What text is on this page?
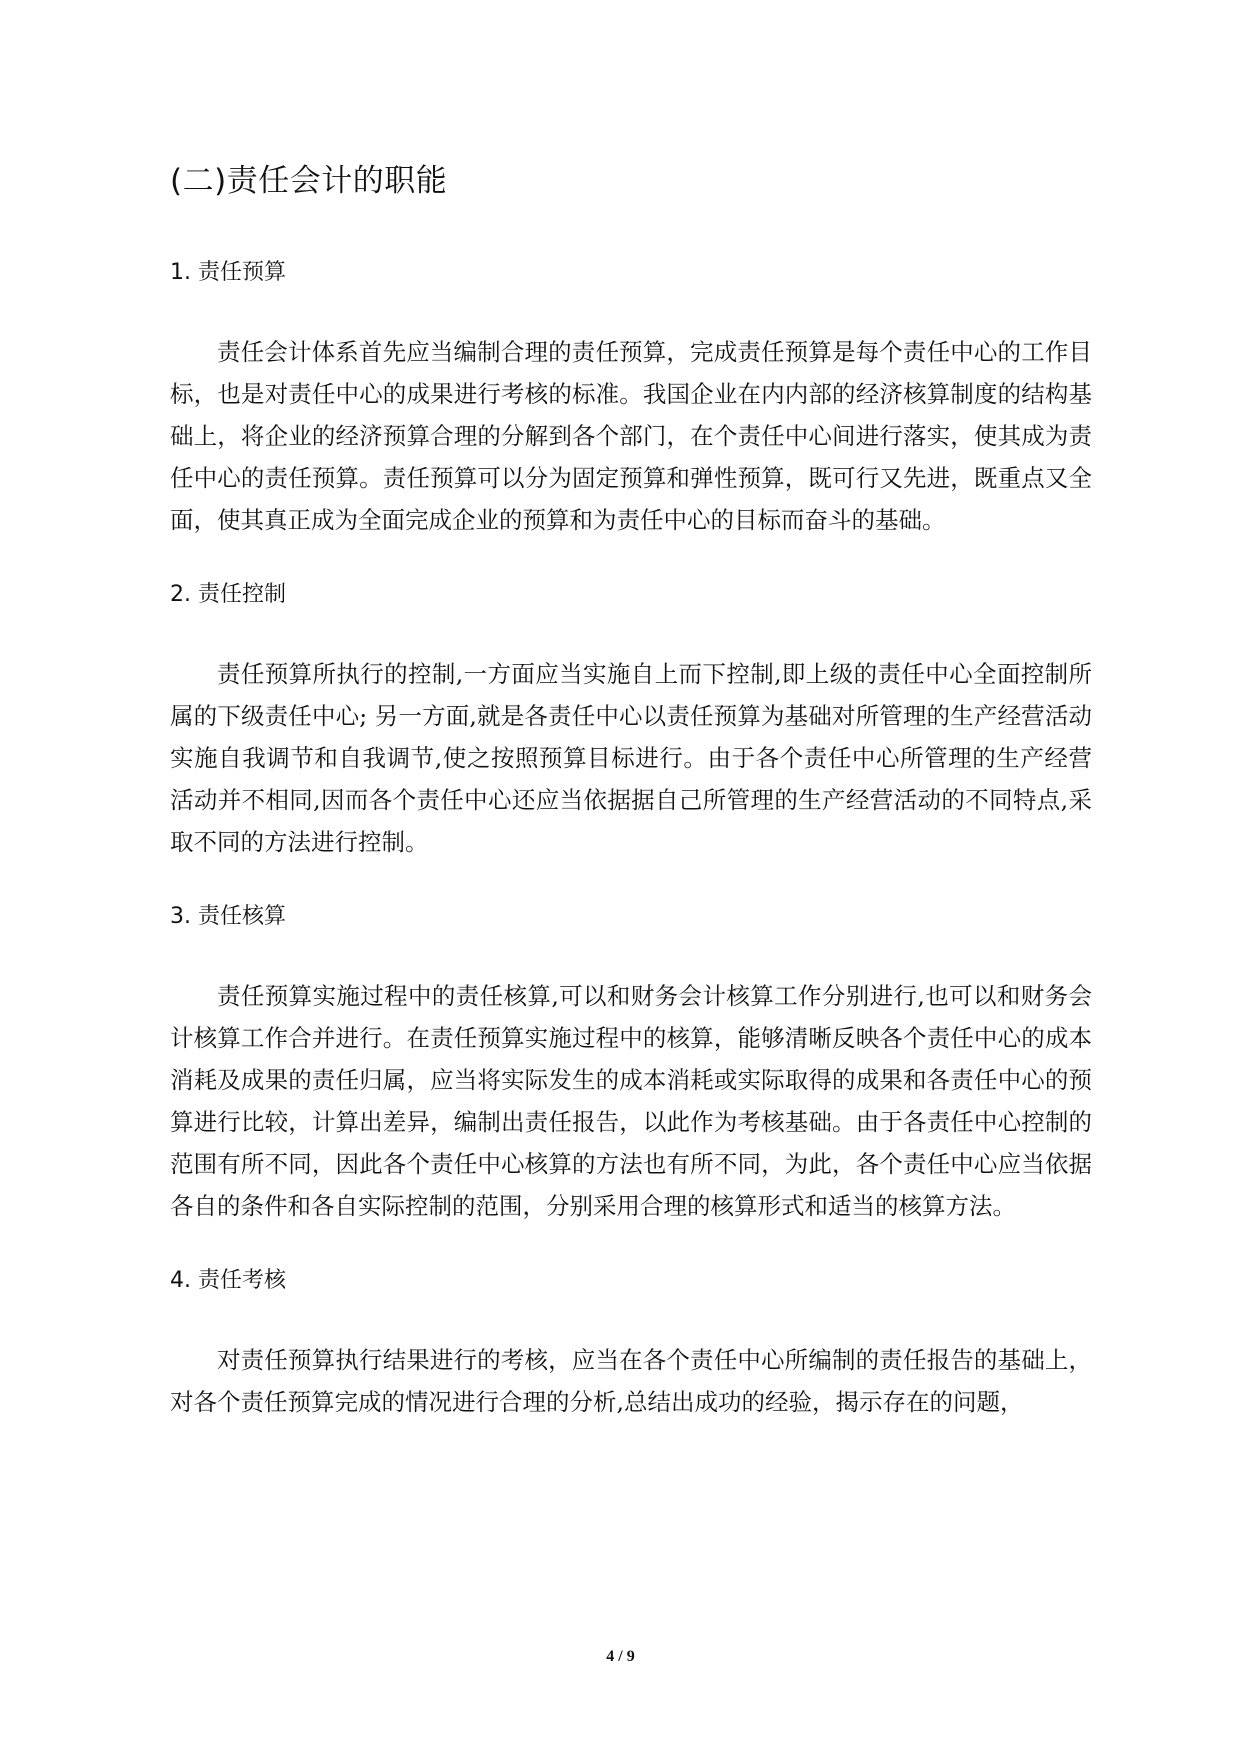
(二)责任会计的职能
1. 责任预算

责任会计体系首先应当编制合理的责任预算，完成责任预算是每个责任中心的工作目标，也是对责任中心的成果进行考核的标准。我国企业在内内部的经济核算制度的结构基础上，将企业的经济预算合理的分解到各个部门，在个责任中心间进行落实，使其成为责任中心的责任预算。责任预算可以分为固定预算和弹性预算，既可行又先进，既重点又全面，使其真正成为全面完成企业的预算和为责任中心的目标而奋斗的基础。

2. 责任控制

责任预算所执行的控制,一方面应当实施自上而下控制,即上级的责任中心全面控制所属的下级责任中心; 另一方面,就是各责任中心以责任预算为基础对所管理的生产经营活动实施自我调节和自我调节,使之按照预算目标进行。由于各个责任中心所管理的生产经营活动并不相同,因而各个责任中心还应当依据据自己所管理的生产经营活动的不同特点,采取不同的方法进行控制。

3. 责任核算

责任预算实施过程中的责任核算,可以和财务会计核算工作分别进行,也可以和财务会计核算工作合并进行。在责任预算实施过程中的核算，能够清晰反映各个责任中心的成本消耗及成果的责任归属，应当将实际发生的成本消耗或实际取得的成果和各责任中心的预算进行比较，计算出差异，编制出责任报告，以此作为考核基础。由于各责任中心控制的范围有所不同，因此各个责任中心核算的方法也有所不同，为此，各个责任中心应当依据各自的条件和各自实际控制的范围，分别采用合理的核算形式和适当的核算方法。

4. 责任考核

对责任预算执行结果进行的考核，应当在各个责任中心所编制的责任报告的基础上，对各个责任预算完成的情况进行合理的分析,总结出成功的经验，揭示存在的问题，

4 / 9
